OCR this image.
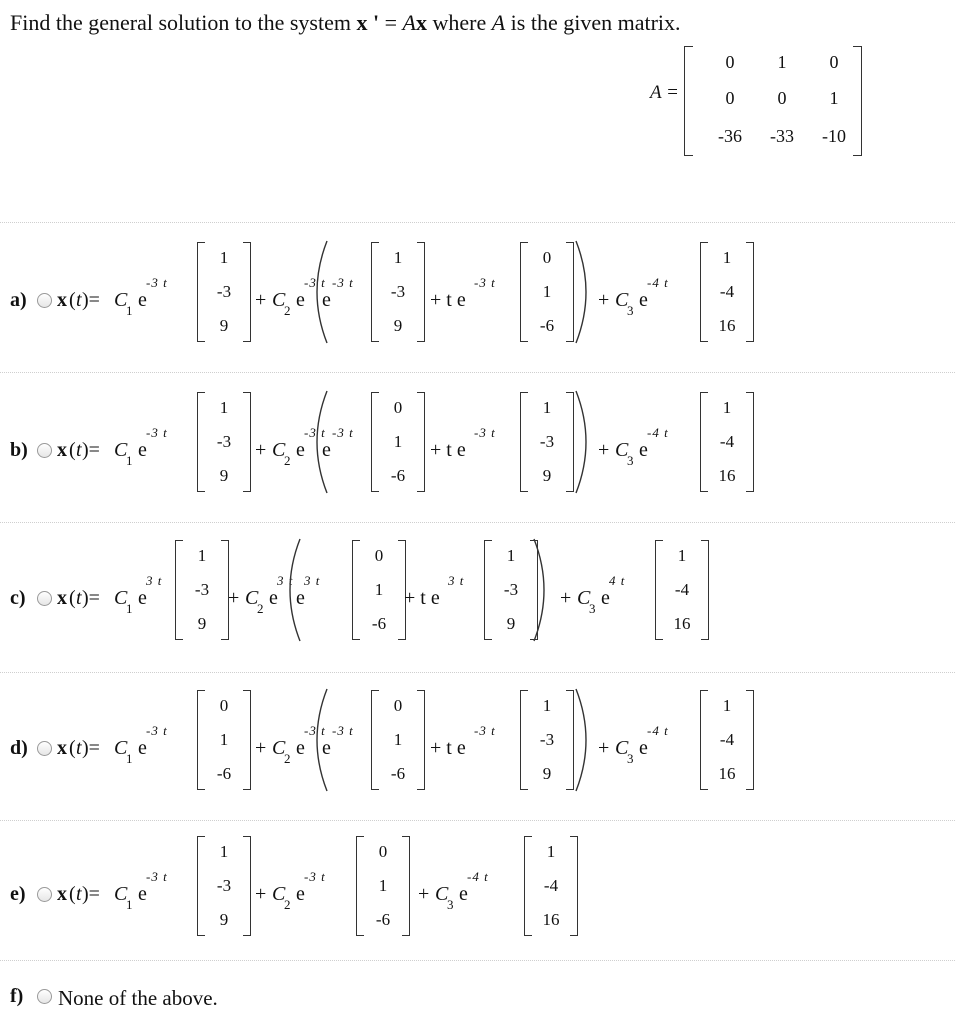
Find the general solution to the system x ' = Ax where A is the given matrix.
A =
0	1	0
0	0	1
-36	-33	-10
a) x ( t )= C
1 e
-3 t
1
-3
9
+ C
2 e
-3 t
e
-3 t
1
-3
9
+ t e
-3 t
0
1
-6
+ C
3 e
-4 t
1
-4
16
b) x ( t )= C
1 e
-3 t
1
-3
9
+ C
2 e
-3 t
e
-3 t
0
1
-6
+ t e
-3 t
1
-3
9
+ C
3 e
-4 t
1
-4
16
c) x ( t )= C
1 e
3 t
1
-3
9
+ C
2 e
3 t
e
3 t
0
1
-6
+ t e
3 t
1
-3
9
+ C
3 e
4 t
1
-4
16
d) x ( t )= C
1 e
-3 t
0
1
-6
+ C
2 e
-3 t
e
-3 t
0
1
-6
+ t e
-3 t
1
-3
9
+ C
3 e
-4 t
1
-4
16
e) x ( t )= C
1 e
-3 t
1
-3
9
+ C
2 e
-3 t
0
1
-6
+ C
3 e
-4 t
1
-4
16
f) None of the above.
